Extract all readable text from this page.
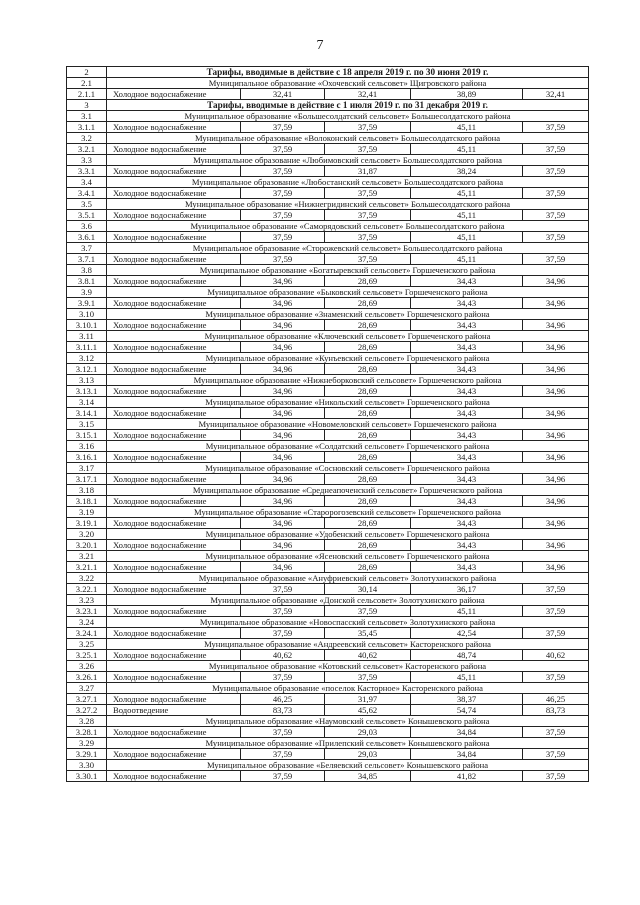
7
2	Тарифы, вводимые в действие с 18 апреля 2019 г. по 30 июня 2019 г.				
2.1	Муниципальное образование «Охочевский сельсовет» Щигровского района				
2.1.1	Холодное водоснабжение	32,41	32,41	38,89	32,41
3	Тарифы, вводимые в действие с 1 июля 2019 г. по 31 декабря 2019 г.				
3.1	Муниципальное образование «Большесолдатский сельсовет» Большесолдатского района				
3.1.1	Холодное водоснабжение	37,59	37,59	45,11	37,59
3.2	Муниципальное образование «Волоконский сельсовет» Большесолдатского района				
3.2.1	Холодное водоснабжение	37,59	37,59	45,11	37,59
3.3	Муниципальное образование «Любимовский сельсовет» Большесолдатского района				
3.3.1	Холодное водоснабжение	37,59	31,87	38,24	37,59
3.4	Муниципальное образование «Любостанский сельсовет» Большесолдатского района				
3.4.1	Холодное водоснабжение	37,59	37,59	45,11	37,59
3.5	Муниципальное образование «Нижнегридинский сельсовет» Большесолдатского района				
3.5.1	Холодное водоснабжение	37,59	37,59	45,11	37,59
3.6	Муниципальное образование «Саморядовский сельсовет» Большесолдатского района				
3.6.1	Холодное водоснабжение	37,59	37,59	45,11	37,59
3.7	Муниципальное образование «Сторожевский сельсовет» Большесолдатского района				
3.7.1	Холодное водоснабжение	37,59	37,59	45,11	37,59
3.8	Муниципальное образование «Богатыревский сельсовет» Горшеченского района				
3.8.1	Холодное водоснабжение	34,96	28,69	34,43	34,96
3.9	Муниципальное образование «Быковский сельсовет» Горшеченского района				
3.9.1	Холодное водоснабжение	34,96	28,69	34,43	34,96
3.10	Муниципальное образование «Знаменский сельсовет» Горшеченского района				
3.10.1	Холодное водоснабжение	34,96	28,69	34,43	34,96
3.11	Муниципальное образование «Ключевский сельсовет» Горшеченского района				
3.11.1	Холодное водоснабжение	34,96	28,69	34,43	34,96
3.12	Муниципальное образование «Кунъевский сельсовет» Горшеченского района				
3.12.1	Холодное водоснабжение	34,96	28,69	34,43	34,96
3.13	Муниципальное образование «Нижнеборковский сельсовет» Горшеченского района				
3.13.1	Холодное водоснабжение	34,96	28,69	34,43	34,96
3.14	Муниципальное образование «Никольский сельсовет» Горшеченского района				
3.14.1	Холодное водоснабжение	34,96	28,69	34,43	34,96
3.15	Муниципальное образование «Новомеловский сельсовет» Горшеченского района				
3.15.1	Холодное водоснабжение	34,96	28,69	34,43	34,96
3.16	Муниципальное образование «Солдатский сельсовет» Горшеченского района				
3.16.1	Холодное водоснабжение	34,96	28,69	34,43	34,96
3.17	Муниципальное образование «Сосновский сельсовет» Горшеченского района				
3.17.1	Холодное водоснабжение	34,96	28,69	34,43	34,96
3.18	Муниципальное образование «Среднеапоченский сельсовет» Горшеченского района				
3.18.1	Холодное водоснабжение	34,96	28,69	34,43	34,96
3.19	Муниципальное образование «Старорогозевский сельсовет» Горшеченского района				
3.19.1	Холодное водоснабжение	34,96	28,69	34,43	34,96
3.20	Муниципальное образование «Удобенский сельсовет» Горшеченского района				
3.20.1	Холодное водоснабжение	34,96	28,69	34,43	34,96
3.21	Муниципальное образование «Ясеновский сельсовет» Горшеченского района				
3.21.1	Холодное водоснабжение	34,96	28,69	34,43	34,96
3.22	Муниципальное образование «Ануфриевский сельсовет» Золотухинского района				
3.22.1	Холодное водоснабжение	37,59	30,14	36,17	37,59
3.23	Муниципальное образование «Донской сельсовет» Золотухинского района				
3.23.1	Холодное водоснабжение	37,59	37,59	45,11	37,59
3.24	Муниципальное образование «Новоспасский сельсовет» Золотухинского района				
3.24.1	Холодное водоснабжение	37,59	35,45	42,54	37,59
3.25	Муниципальное образование «Андреевский сельсовет» Касторенского района				
3.25.1	Холодное водоснабжение	40,62	40,62	48,74	40,62
3.26	Муниципальное образование «Котовский сельсовет» Касторенского района				
3.26.1	Холодное водоснабжение	37,59	37,59	45,11	37,59
3.27	Муниципальное образование «поселок Касторное» Касторенского района				
3.27.1	Холодное водоснабжение	46,25	31,97	38,37	46,25
3.27.2	Водоотведение	83,73	45,62	54,74	83,73
3.28	Муниципальное образование «Наумовский сельсовет» Конышевского района				
3.28.1	Холодное водоснабжение	37,59	29,03	34,84	37,59
3.29	Муниципальное образование «Прилепский сельсовет» Конышевского района				
3.29.1	Холодное водоснабжение	37,59	29,03	34,84	37,59
3.30	Муниципальное образование «Беляевский сельсовет» Конышевского района				
3.30.1	Холодное водоснабжение	37,59	34,85	41,82	37,59
